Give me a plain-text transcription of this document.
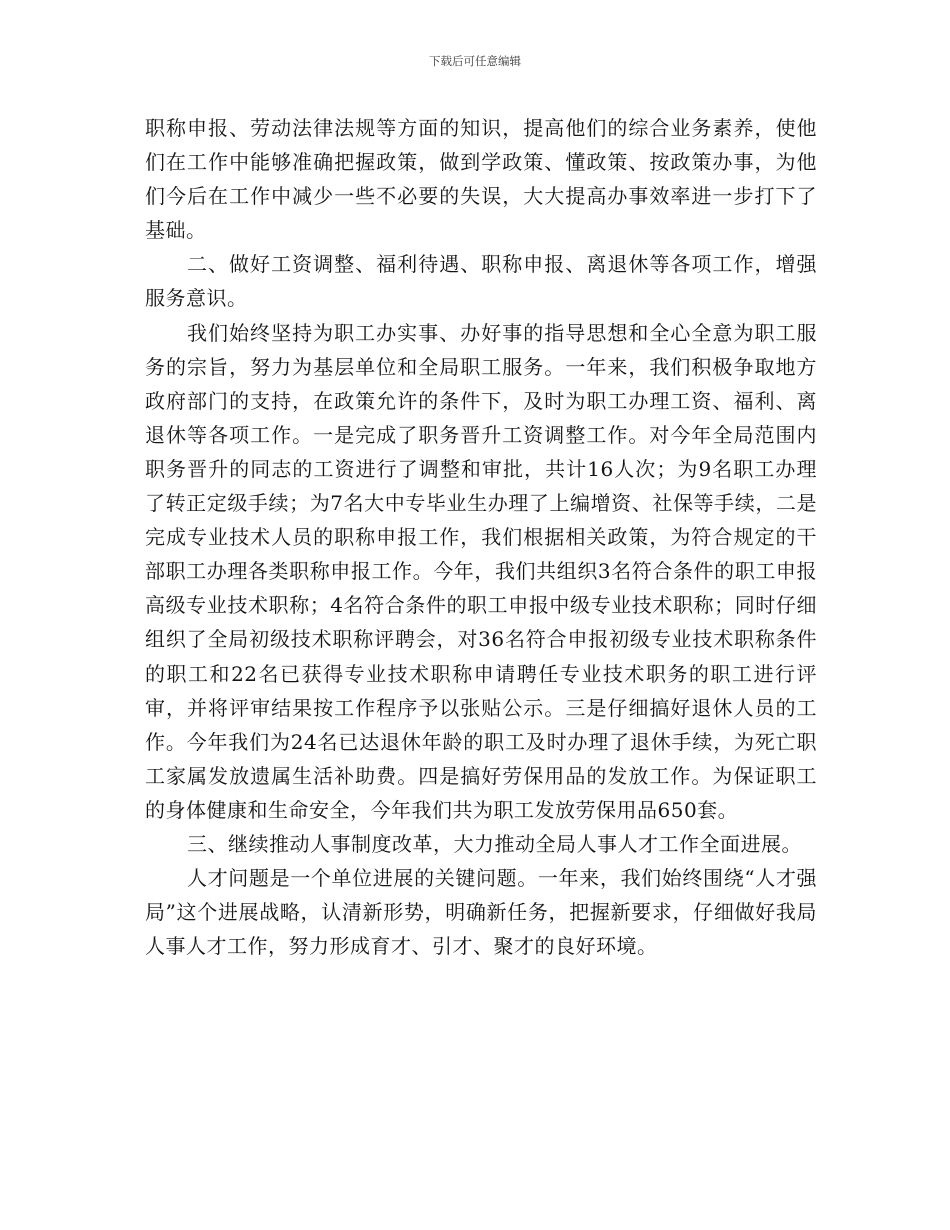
下载后可任意编辑

职称申报、劳动法律法规等方面的知识，提高他们的综合业务素养，使他们在工作中能够准确把握政策，做到学政策、懂政策、按政策办事，为他们今后在工作中减少一些不必要的失误，大大提高办事效率进一步打下了基础。

二、做好工资调整、福利待遇、职称申报、离退休等各项工作，增强服务意识。

我们始终坚持为职工办实事、办好事的指导思想和全心全意为职工服务的宗旨，努力为基层单位和全局职工服务。一年来，我们积极争取地方政府部门的支持，在政策允许的条件下，及时为职工办理工资、福利、离退休等各项工作。一是完成了职务晋升工资调整工作。对今年全局范围内职务晋升的同志的工资进行了调整和审批，共计16人次；为9名职工办理了转正定级手续；为7名大中专毕业生办理了上编增资、社保等手续，二是完成专业技术人员的职称申报工作，我们根据相关政策，为符合规定的干部职工办理各类职称申报工作。今年，我们共组织3名符合条件的职工申报高级专业技术职称；4名符合条件的职工申报中级专业技术职称；同时仔细组织了全局初级技术职称评聘会，对36名符合申报初级专业技术职称条件的职工和22名已获得专业技术职称申请聘任专业技术职务的职工进行评审，并将评审结果按工作程序予以张贴公示。三是仔细搞好退休人员的工作。今年我们为24名已达退休年龄的职工及时办理了退休手续，为死亡职工家属发放遗属生活补助费。四是搞好劳保用品的发放工作。为保证职工的身体健康和生命安全，今年我们共为职工发放劳保用品650套。

三、继续推动人事制度改革，大力推动全局人事人才工作全面进展。

人才问题是一个单位进展的关键问题。一年来，我们始终围绕“人才强局”这个进展战略，认清新形势，明确新任务，把握新要求，仔细做好我局人事人才工作，努力形成育才、引才、聚才的良好环境。
